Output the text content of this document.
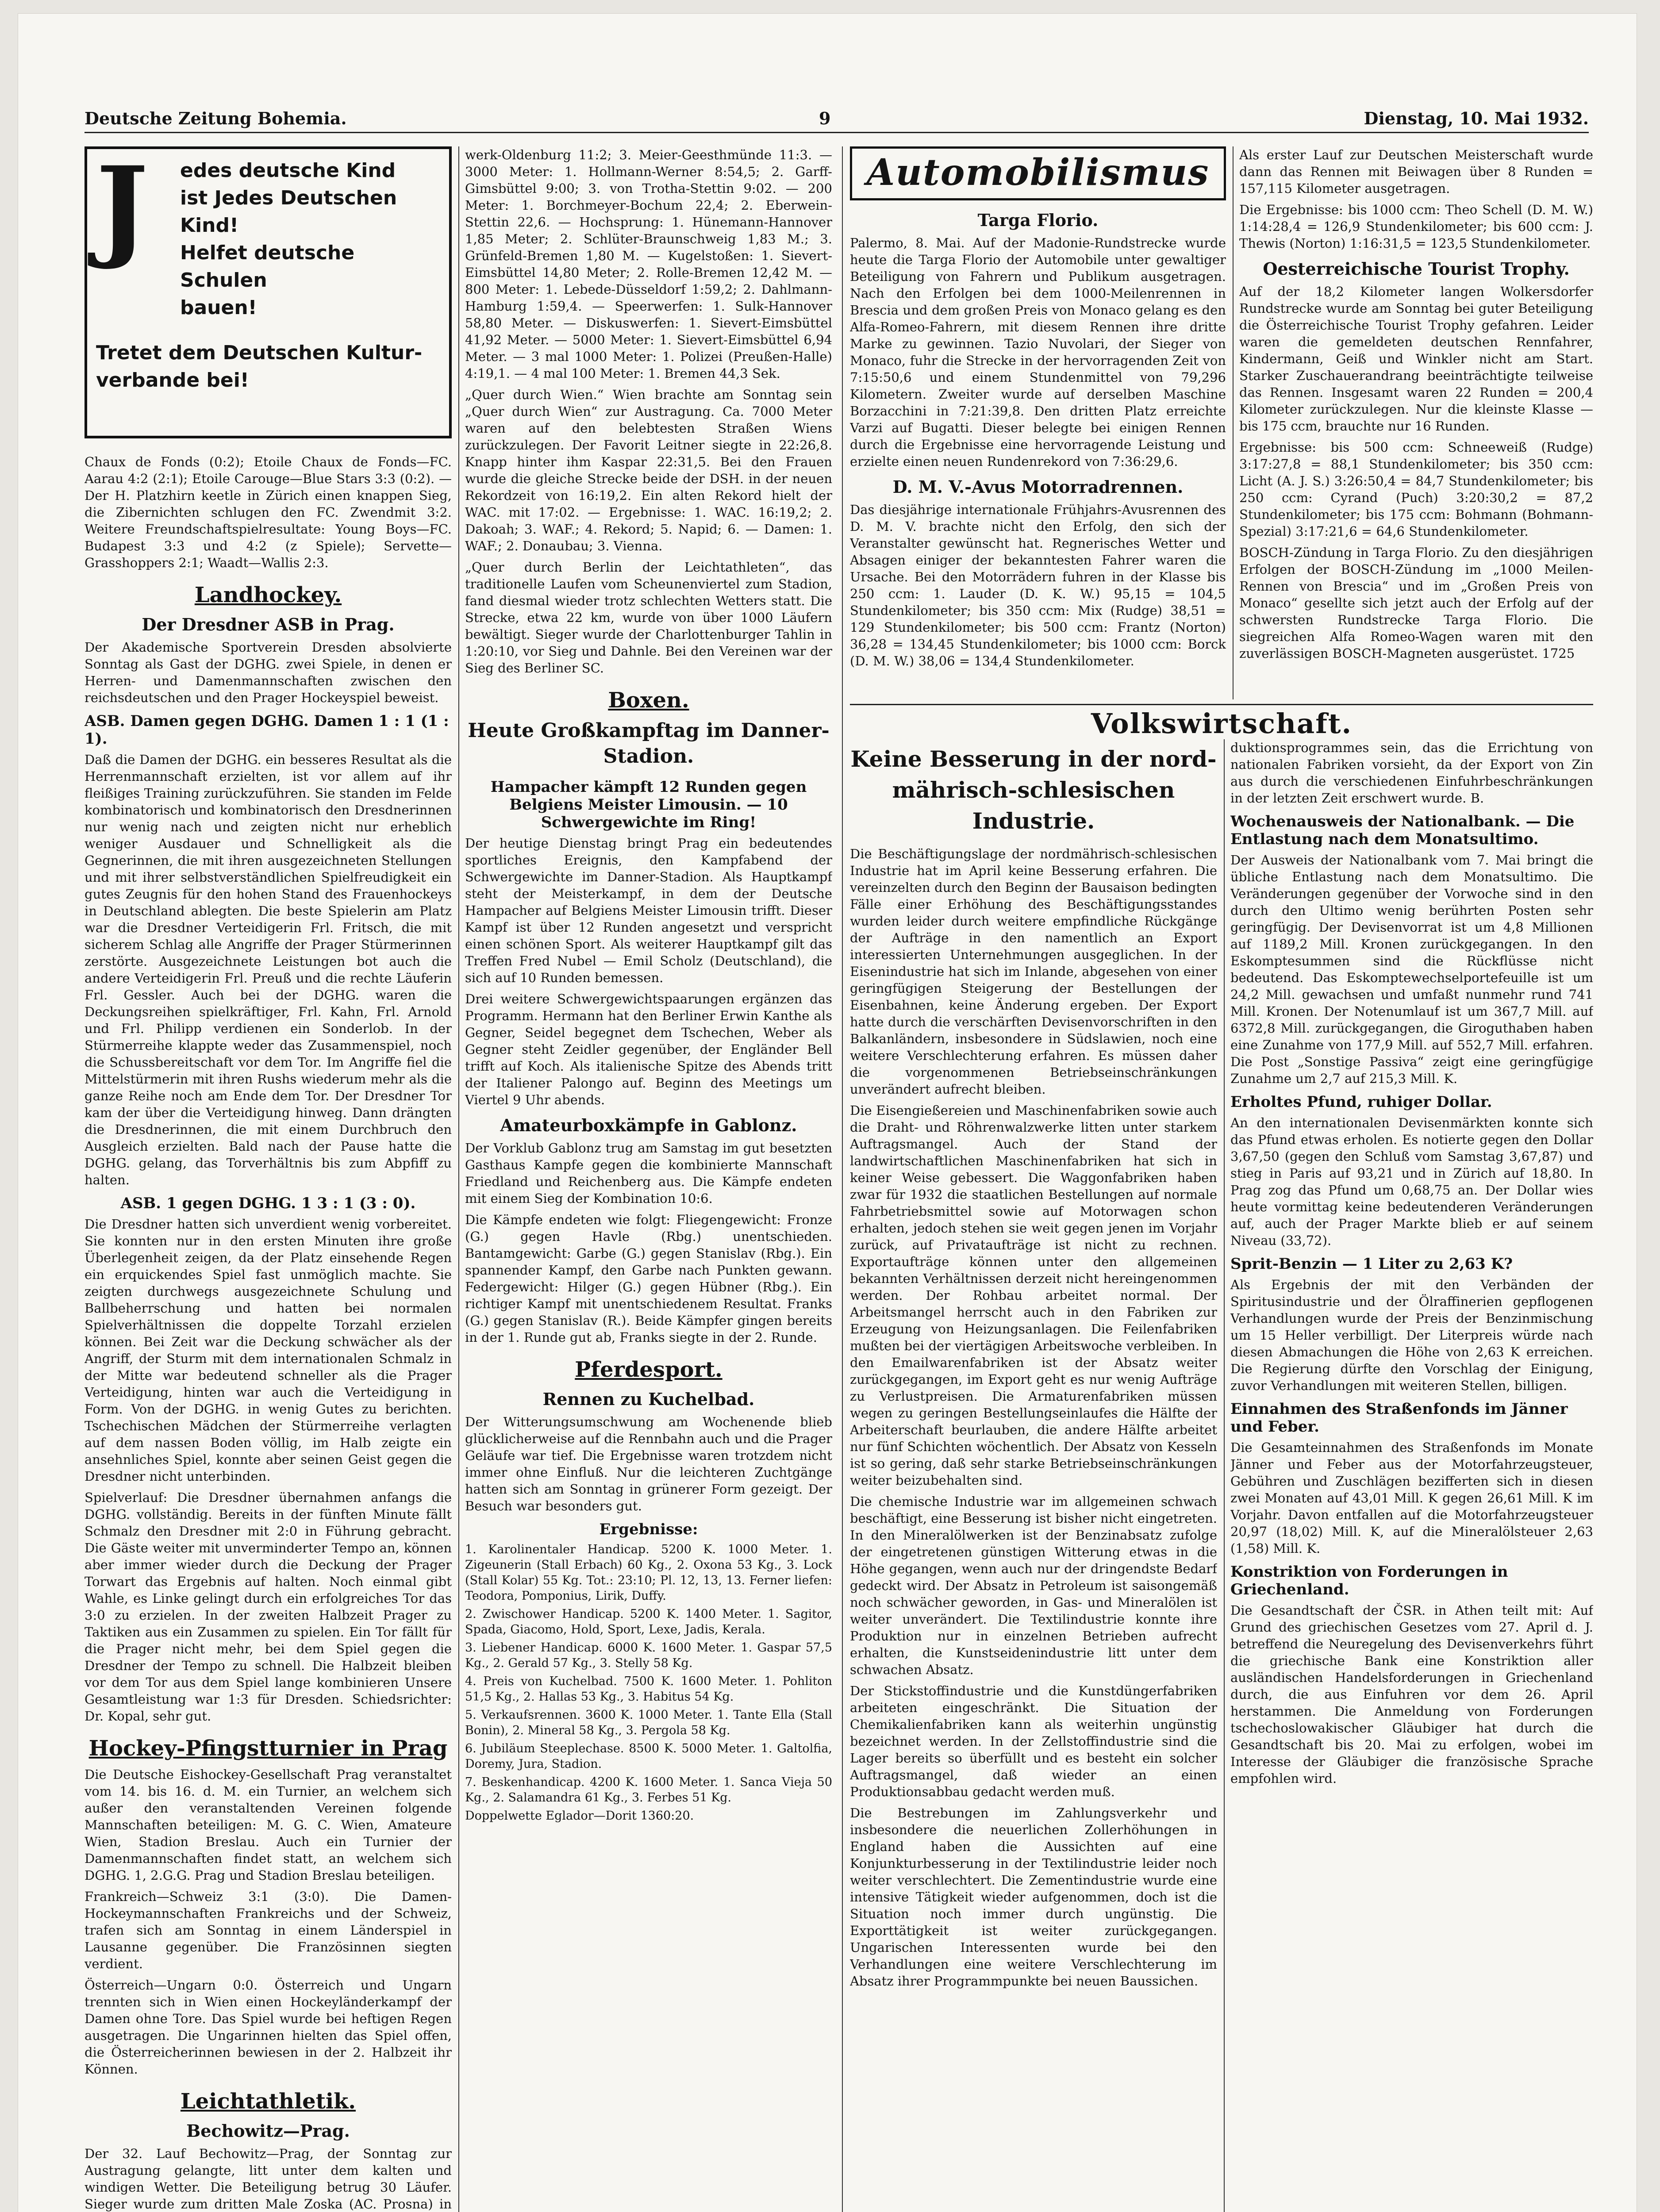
Deutsche Zeitung Bohemia.	9	Dienstag, 10. Mai 1932.
J	edes deutsche Kind
ist Jedes Deutschen Kind!
Helfet deutsche Schulen
bauen!
Tretet dem Deutschen Kultur-
verbande bei!

Chaux de Fonds (0:2); Etoile Chaux de Fonds—FC. Aarau 4:2 (2:1); Etoile Carouge—Blue Stars 3:3 (0:2). — Der H. Platzhirn keetle in Zürich einen knappen Sieg, die Zibernichten schlugen den FC. Zwendmit 3:2. Weitere Freundschaftspielresultate: Young Boys—FC. Budapest 3:3 und 4:2 (z Spiele); Servette—Grasshoppers 2:1; Waadt—Wallis 2:3.

Landhockey.
Der Dresdner ASB in Prag.

Der Akademische Sportverein Dresden absolvierte Sonntag als Gast der DGHG. zwei Spiele, in denen er Herren- und Damenmannschaften zwischen den reichsdeutschen und den Prager Hockeyspiel beweist.

ASB. Damen gegen DGHG. Damen 1 : 1 (1 : 1).

Daß die Damen der DGHG. ein besseres Resultat als die Herrenmannschaft erzielten, ist vor allem auf ihr fleißiges Training zurückzuführen. Sie standen im Felde kombinatorisch und kombinatorisch den Dresdnerinnen nur wenig nach und zeigten nicht nur erheblich weniger Ausdauer und Schnelligkeit als die Gegnerinnen, die mit ihren ausgezeichneten Stellungen und mit ihrer selbstverständlichen Spielfreudigkeit ein gutes Zeugnis für den hohen Stand des Frauenhockeys in Deutschland ablegten. Die beste Spielerin am Platz war die Dresdner Verteidigerin Frl. Fritsch, die mit sicherem Schlag alle Angriffe der Prager Stürmerinnen zerstörte. Ausgezeichnete Leistungen bot auch die andere Verteidigerin Frl. Preuß und die rechte Läuferin Frl. Gessler. Auch bei der DGHG. waren die Deckungsreihen spielkräftiger, Frl. Kahn, Frl. Arnold und Frl. Philipp verdienen ein Sonderlob. In der Stürmerreihe klappte weder das Zusammenspiel, noch die Schussbereitschaft vor dem Tor. Im Angriffe fiel die Mittelstürmerin mit ihren Rushs wiederum mehr als die ganze Reihe noch am Ende dem Tor. Der Dresdner Tor kam der über die Verteidigung hinweg. Dann drängten die Dresdnerinnen, die mit einem Durchbruch den Ausgleich erzielten. Bald nach der Pause hatte die DGHG. gelang, das Torverhältnis bis zum Abpfiff zu halten.

ASB. 1 gegen DGHG. 1 3 : 1 (3 : 0).

Die Dresdner hatten sich unverdient wenig vorbereitet. Sie konnten nur in den ersten Minuten ihre große Überlegenheit zeigen, da der Platz einsehende Regen ein erquickendes Spiel fast unmöglich machte. Sie zeigten durchwegs ausgezeichnete Schulung und Ballbeherrschung und hatten bei normalen Spielverhältnissen die doppelte Torzahl erzielen können. Bei Zeit war die Deckung schwächer als der Angriff, der Sturm mit dem internationalen Schmalz in der Mitte war bedeutend schneller als die Prager Verteidigung, hinten war auch die Verteidigung in Form. Von der DGHG. in wenig Gutes zu berichten. Tschechischen Mädchen der Stürmerreihe verlagten auf dem nassen Boden völlig, im Halb zeigte ein ansehnliches Spiel, konnte aber seinen Geist gegen die Dresdner nicht unterbinden.

Spielverlauf: Die Dresdner übernahmen anfangs die DGHG. vollständig. Bereits in der fünften Minute fällt Schmalz den Dresdner mit 2:0 in Führung gebracht. Die Gäste weiter mit unverminderter Tempo an, können aber immer wieder durch die Deckung der Prager Torwart das Ergebnis auf halten. Noch einmal gibt Wahle, es Linke gelingt durch ein erfolgreiches Tor das 3:0 zu erzielen. In der zweiten Halbzeit Prager zu Taktiken aus ein Zusammen zu spielen. Ein Tor fällt für die Prager nicht mehr, bei dem Spiel gegen die Dresdner der Tempo zu schnell. Die Halbzeit bleiben vor dem Tor aus dem Spiel lange kombinieren Unsere Gesamtleistung war 1:3 für Dresden. Schiedsrichter: Dr. Kopal, sehr gut.

Hockey-Pfingstturnier in Prag

Die Deutsche Eishockey-Gesellschaft Prag veranstaltet vom 14. bis 16. d. M. ein Turnier, an welchem sich außer den veranstaltenden Vereinen folgende Mannschaften beteiligen: M. G. C. Wien, Amateure Wien, Stadion Breslau. Auch ein Turnier der Damenmannschaften findet statt, an welchem sich DGHG. 1, 2.G.G. Prag und Stadion Breslau beteiligen.

Frankreich—Schweiz 3:1 (3:0). Die Damen-Hockeymannschaften Frankreichs und der Schweiz, trafen sich am Sonntag in einem Länderspiel in Lausanne gegenüber. Die Französinnen siegten verdient.

Österreich—Ungarn 0:0. Österreich und Ungarn trennten sich in Wien einen Hockeyländerkampf der Damen ohne Tore. Das Spiel wurde bei heftigen Regen ausgetragen. Die Ungarinnen hielten das Spiel offen, die Österreicherinnen bewiesen in der 2. Halbzeit ihr Können.

Leichtathletik.
Bechowitz—Prag.

Der 32. Lauf Bechowitz—Prag, der Sonntag zur Austragung gelangte, litt unter dem kalten und windigen Wetter. Die Beteiligung betrug 30 Läufer. Sieger wurde zum dritten Male Zoska (AC. Prosna) in

werk-Oldenburg 11:2; 3. Meier-Geesthmünde 11:3. — 3000 Meter: 1. Hollmann-Werner 8:54,5; 2. Garff-Gimsbüttel 9:00; 3. von Trotha-Stettin 9:02. — 200 Meter: 1. Borchmeyer-Bochum 22,4; 2. Eberwein-Stettin 22,6. — Hochsprung: 1. Hünemann-Hannover 1,85 Meter; 2. Schlüter-Braunschweig 1,83 M.; 3. Grünfeld-Bremen 1,80 M. — Kugelstoßen: 1. Sievert-Eimsbüttel 14,80 Meter; 2. Rolle-Bremen 12,42 M. — 800 Meter: 1. Lebede-Düsseldorf 1:59,2; 2. Dahlmann-Hamburg 1:59,4. — Speerwerfen: 1. Sulk-Hannover 58,80 Meter. — Diskuswerfen: 1. Sievert-Eimsbüttel 41,92 Meter. — 5000 Meter: 1. Sievert-Eimsbüttel 6,94 Meter. — 3 mal 1000 Meter: 1. Polizei (Preußen-Halle) 4:19,1. — 4 mal 100 Meter: 1. Bremen 44,3 Sek.

„Quer durch Wien.“ Wien brachte am Sonntag sein „Quer durch Wien“ zur Austragung. Ca. 7000 Meter waren auf den belebtesten Straßen Wiens zurückzulegen. Der Favorit Leitner siegte in 22:26,8. Knapp hinter ihm Kaspar 22:31,5. Bei den Frauen wurde die gleiche Strecke beide der DSH. in der neuen Rekordzeit von 16:19,2. Ein alten Rekord hielt der WAC. mit 17:02. — Ergebnisse: 1. WAC. 16:19,2; 2. Dakoah; 3. WAF.; 4. Rekord; 5. Napid; 6. — Damen: 1. WAF.; 2. Donaubau; 3. Vienna.

„Quer durch Berlin der Leichtathleten“, das traditionelle Laufen vom Scheunenviertel zum Stadion, fand diesmal wieder trotz schlechten Wetters statt. Die Strecke, etwa 22 km, wurde von über 1000 Läufern bewältigt. Sieger wurde der Charlottenburger Tahlin in 1:20:10, vor Sieg und Dahnle. Bei den Vereinen war der Sieg des Berliner SC.

Boxen.
Heute Großkampftag im Danner-Stadion.
Hampacher kämpft 12 Runden gegen Belgiens Meister Limousin. — 10 Schwergewichte im Ring!

Der heutige Dienstag bringt Prag ein bedeutendes sportliches Ereignis, den Kampfabend der Schwergewichte im Danner-Stadion. Als Hauptkampf steht der Meisterkampf, in dem der Deutsche Hampacher auf Belgiens Meister Limousin trifft. Dieser Kampf ist über 12 Runden angesetzt und verspricht einen schönen Sport. Als weiterer Hauptkampf gilt das Treffen Fred Nubel — Emil Scholz (Deutschland), die sich auf 10 Runden bemessen.

Drei weitere Schwergewichtspaarungen ergänzen das Programm. Hermann hat den Berliner Erwin Kanthe als Gegner, Seidel begegnet dem Tschechen, Weber als Gegner steht Zeidler gegenüber, der Engländer Bell trifft auf Koch. Als italienische Spitze des Abends tritt der Italiener Palongo auf. Beginn des Meetings um Viertel 9 Uhr abends.

Amateurboxkämpfe in Gablonz.

Der Vorklub Gablonz trug am Samstag im gut besetzten Gasthaus Kampfe gegen die kombinierte Mannschaft Friedland und Reichenberg aus. Die Kämpfe endeten mit einem Sieg der Kombination 10:6.

Die Kämpfe endeten wie folgt: Fliegengewicht: Fronze (G.) gegen Havle (Rbg.) unentschieden. Bantamgewicht: Garbe (G.) gegen Stanislav (Rbg.). Ein spannender Kampf, den Garbe nach Punkten gewann. Federgewicht: Hilger (G.) gegen Hübner (Rbg.). Ein richtiger Kampf mit unentschiedenem Resultat. Franks (G.) gegen Stanislav (R.). Beide Kämpfer gingen bereits in der 1. Runde gut ab, Franks siegte in der 2. Runde.

Pferdesport.
Rennen zu Kuchelbad.

Der Witterungsumschwung am Wochenende blieb glücklicherweise auf die Rennbahn auch und die Prager Geläufe war tief. Die Ergebnisse waren trotzdem nicht immer ohne Einfluß. Nur die leichteren Zuchtgänge hatten sich am Sonntag in grünerer Form gezeigt. Der Besuch war besonders gut.

Ergebnisse:

1. Karolinentaler Handicap. 5200 K. 1000 Meter. 1. Zigeunerin (Stall Erbach) 60 Kg., 2. Oxona 53 Kg., 3. Lock (Stall Kolar) 55 Kg. Tot.: 23:10; Pl. 12, 13, 13. Ferner liefen: Teodora, Pomponius, Lirik, Duffy.

2. Zwischower Handicap. 5200 K. 1400 Meter. 1. Sagitor, Spada, Giacomo, Hold, Sport, Lexe, Jadis, Kerala.

3. Liebener Handicap. 6000 K. 1600 Meter. 1. Gaspar 57,5 Kg., 2. Gerald 57 Kg., 3. Stelly 58 Kg.

4. Preis von Kuchelbad. 7500 K. 1600 Meter. 1. Pohliton 51,5 Kg., 2. Hallas 53 Kg., 3. Habitus 54 Kg.

5. Verkaufsrennen. 3600 K. 1000 Meter. 1. Tante Ella (Stall Bonin), 2. Mineral 58 Kg., 3. Pergola 58 Kg.

6. Jubiläum Steeplechase. 8500 K. 5000 Meter. 1. Galtolfia, Doremy, Jura, Stadion.

7. Beskenhandicap. 4200 K. 1600 Meter. 1. Sanca Vieja 50 Kg., 2. Salamandra 61 Kg., 3. Ferbes 51 Kg.

Doppelwette Eglador—Dorit 1360:20.

Automobilismus
Targa Florio.

Palermo, 8. Mai. Auf der Madonie-Rundstrecke wurde heute die Targa Florio der Automobile unter gewaltiger Beteiligung von Fahrern und Publikum ausgetragen. Nach den Erfolgen bei dem 1000-Meilenrennen in Brescia und dem großen Preis von Monaco gelang es den Alfa-Romeo-Fahrern, mit diesem Rennen ihre dritte Marke zu gewinnen. Tazio Nuvolari, der Sieger von Monaco, fuhr die Strecke in der hervorragenden Zeit von 7:15:50,6 und einem Stundenmittel von 79,296 Kilometern. Zweiter wurde auf derselben Maschine Borzacchini in 7:21:39,8. Den dritten Platz erreichte Varzi auf Bugatti. Dieser belegte bei einigen Rennen durch die Ergebnisse eine hervorragende Leistung und erzielte einen neuen Rundenrekord von 7:36:29,6.

D. M. V.-Avus Motorradrennen.

Das diesjährige internationale Frühjahrs-Avusrennen des D. M. V. brachte nicht den Erfolg, den sich der Veranstalter gewünscht hat. Regnerisches Wetter und Absagen einiger der bekanntesten Fahrer waren die Ursache. Bei den Motorrädern fuhren in der Klasse bis 250 ccm: 1. Lauder (D. K. W.) 95,15 = 104,5 Stundenkilometer; bis 350 ccm: Mix (Rudge) 38,51 = 129 Stundenkilometer; bis 500 ccm: Frantz (Norton) 36,28 = 134,45 Stundenkilometer; bis 1000 ccm: Borck (D. M. W.) 38,06 = 134,4 Stundenkilometer.

Als erster Lauf zur Deutschen Meisterschaft wurde dann das Rennen mit Beiwagen über 8 Runden = 157,115 Kilometer ausgetragen.

Die Ergebnisse: bis 1000 ccm: Theo Schell (D. M. W.) 1:14:28,4 = 126,9 Stundenkilometer; bis 600 ccm: J. Thewis (Norton) 1:16:31,5 = 123,5 Stundenkilometer.

Oesterreichische Tourist Trophy.

Auf der 18,2 Kilometer langen Wolkersdorfer Rundstrecke wurde am Sonntag bei guter Beteiligung die Österreichische Tourist Trophy gefahren. Leider waren die gemeldeten deutschen Rennfahrer, Kindermann, Geiß und Winkler nicht am Start. Starker Zuschauerandrang beeinträchtigte teilweise das Rennen. Insgesamt waren 22 Runden = 200,4 Kilometer zurückzulegen. Nur die kleinste Klasse — bis 175 ccm, brauchte nur 16 Runden.

Ergebnisse: bis 500 ccm: Schneeweiß (Rudge) 3:17:27,8 = 88,1 Stundenkilometer; bis 350 ccm: Licht (A. J. S.) 3:26:50,4 = 84,7 Stundenkilometer; bis 250 ccm: Cyrand (Puch) 3:20:30,2 = 87,2 Stundenkilometer; bis 175 ccm: Bohmann (Bohmann-Spezial) 3:17:21,6 = 64,6 Stundenkilometer.

BOSCH-Zündung in Targa Florio. Zu den diesjährigen Erfolgen der BOSCH-Zündung im „1000 Meilen-Rennen von Brescia“ und im „Großen Preis von Monaco“ gesellte sich jetzt auch der Erfolg auf der schwersten Rundstrecke Targa Florio. Die siegreichen Alfa Romeo-Wagen waren mit den zuverlässigen BOSCH-Magneten ausgerüstet. 1725

Volkswirtschaft.
Keine Besserung in der nord-mährisch-schlesischen Industrie.

Die Beschäftigungslage der nordmährisch-schlesischen Industrie hat im April keine Besserung erfahren. Die vereinzelten durch den Beginn der Bausaison bedingten Fälle einer Erhöhung des Beschäftigungsstandes wurden leider durch weitere empfindliche Rückgänge der Aufträge in den namentlich an Export interessierten Unternehmungen ausgeglichen. In der Eisenindustrie hat sich im Inlande, abgesehen von einer geringfügigen Steigerung der Bestellungen der Eisenbahnen, keine Änderung ergeben. Der Export hatte durch die verschärften Devisenvorschriften in den Balkanländern, insbesondere in Südslawien, noch eine weitere Verschlechterung erfahren. Es müssen daher die vorgenommenen Betriebseinschränkungen unverändert aufrecht bleiben.

Die Eisengießereien und Maschinenfabriken sowie auch die Draht- und Röhrenwalzwerke litten unter starkem Auftragsmangel. Auch der Stand der landwirtschaftlichen Maschinenfabriken hat sich in keiner Weise gebessert. Die Waggonfabriken haben zwar für 1932 die staatlichen Bestellungen auf normale Fahrbetriebsmittel sowie auf Motorwagen schon erhalten, jedoch stehen sie weit gegen jenen im Vorjahr zurück, auf Privataufträge ist nicht zu rechnen. Exportaufträge können unter den allgemeinen bekannten Verhältnissen derzeit nicht hereingenommen werden. Der Rohbau arbeitet normal. Der Arbeitsmangel herrscht auch in den Fabriken zur Erzeugung von Heizungsanlagen. Die Feilenfabriken mußten bei der viertägigen Arbeitswoche verbleiben. In den Emailwarenfabriken ist der Absatz weiter zurückgegangen, im Export geht es nur wenig Aufträge zu Verlustpreisen. Die Armaturenfabriken müssen wegen zu geringen Bestellungseinlaufes die Hälfte der Arbeiterschaft beurlauben, die andere Hälfte arbeitet nur fünf Schichten wöchentlich. Der Absatz von Kesseln ist so gering, daß sehr starke Betriebseinschränkungen weiter beizubehalten sind.

Die chemische Industrie war im allgemeinen schwach beschäftigt, eine Besserung ist bisher nicht eingetreten. In den Mineralölwerken ist der Benzinabsatz zufolge der eingetretenen günstigen Witterung etwas in die Höhe gegangen, wenn auch nur der dringendste Bedarf gedeckt wird. Der Absatz in Petroleum ist saisongemäß noch schwächer geworden, in Gas- und Mineralölen ist weiter unverändert. Die Textilindustrie konnte ihre Produktion nur in einzelnen Betrieben aufrecht erhalten, die Kunstseidenindustrie litt unter dem schwachen Absatz.

Der Stickstoffindustrie und die Kunstdüngerfabriken arbeiteten eingeschränkt. Die Situation der Chemikalienfabriken kann als weiterhin ungünstig bezeichnet werden. In der Zellstoffindustrie sind die Lager bereits so überfüllt und es besteht ein solcher Auftragsmangel, daß wieder an einen Produktionsabbau gedacht werden muß.

Die Bestrebungen im Zahlungsverkehr und insbesondere die neuerlichen Zollerhöhungen in England haben die Aussichten auf eine Konjunkturbesserung in der Textilindustrie leider noch weiter verschlechtert. Die Zementindustrie wurde eine intensive Tätigkeit wieder aufgenommen, doch ist die Situation noch immer durch ungünstig. Die Exporttätigkeit ist weiter zurückgegangen. Ungarischen Interessenten wurde bei den Verhandlungen eine weitere Verschlechterung im Absatz ihrer Programmpunkte bei neuen Baussichen.

duktionsprogrammes sein, das die Errichtung von nationalen Fabriken vorsieht, da der Export von Zin aus durch die verschiedenen Einfuhrbeschränkungen in der letzten Zeit erschwert wurde. B.

Wochenausweis der Nationalbank. — Die Entlastung nach dem Monatsultimo.

Der Ausweis der Nationalbank vom 7. Mai bringt die übliche Entlastung nach dem Monatsultimo. Die Veränderungen gegenüber der Vorwoche sind in den durch den Ultimo wenig berührten Posten sehr geringfügig. Der Devisenvorrat ist um 4,8 Millionen auf 1189,2 Mill. Kronen zurückgegangen. In den Eskomptesummen sind die Rückflüsse nicht bedeutend. Das Eskomptewechselportefeuille ist um 24,2 Mill. gewachsen und umfaßt nunmehr rund 741 Mill. Kronen. Der Notenumlauf ist um 367,7 Mill. auf 6372,8 Mill. zurückgegangen, die Giroguthaben haben eine Zunahme von 177,9 Mill. auf 552,7 Mill. erfahren. Die Post „Sonstige Passiva“ zeigt eine geringfügige Zunahme um 2,7 auf 215,3 Mill. K.

Erholtes Pfund, ruhiger Dollar.

An den internationalen Devisenmärkten konnte sich das Pfund etwas erholen. Es notierte gegen den Dollar 3,67,50 (gegen den Schluß vom Samstag 3,67,87) und stieg in Paris auf 93,21 und in Zürich auf 18,80. In Prag zog das Pfund um 0,68,75 an. Der Dollar wies heute vormittag keine bedeutenderen Veränderungen auf, auch der Prager Markte blieb er auf seinem Niveau (33,72).

Sprit-Benzin — 1 Liter zu 2,63 K?

Als Ergebnis der mit den Verbänden der Spiritusindustrie und der Ölraffinerien gepflogenen Verhandlungen wurde der Preis der Benzinmischung um 15 Heller verbilligt. Der Literpreis würde nach diesen Abmachungen die Höhe von 2,63 K erreichen. Die Regierung dürfte den Vorschlag der Einigung, zuvor Verhandlungen mit weiteren Stellen, billigen.

Einnahmen des Straßenfonds im Jänner und Feber.

Die Gesamteinnahmen des Straßenfonds im Monate Jänner und Feber aus der Motorfahrzeugsteuer, Gebühren und Zuschlägen bezifferten sich in diesen zwei Monaten auf 43,01 Mill. K gegen 26,61 Mill. K im Vorjahr. Davon entfallen auf die Motorfahrzeugsteuer 20,97 (18,02) Mill. K, auf die Mineralölsteuer 2,63 (1,58) Mill. K.

Konstriktion von Forderungen in Griechenland.

Die Gesandtschaft der ČSR. in Athen teilt mit: Auf Grund des griechischen Gesetzes vom 27. April d. J. betreffend die Neuregelung des Devisenverkehrs führt die griechische Bank eine Konstriktion aller ausländischen Handelsforderungen in Griechenland durch, die aus Einfuhren vor dem 26. April herstammen. Die Anmeldung von Forderungen tschechoslowakischer Gläubiger hat durch die Gesandtschaft bis 20. Mai zu erfolgen, wobei im Interesse der Gläubiger die französische Sprache empfohlen wird.
